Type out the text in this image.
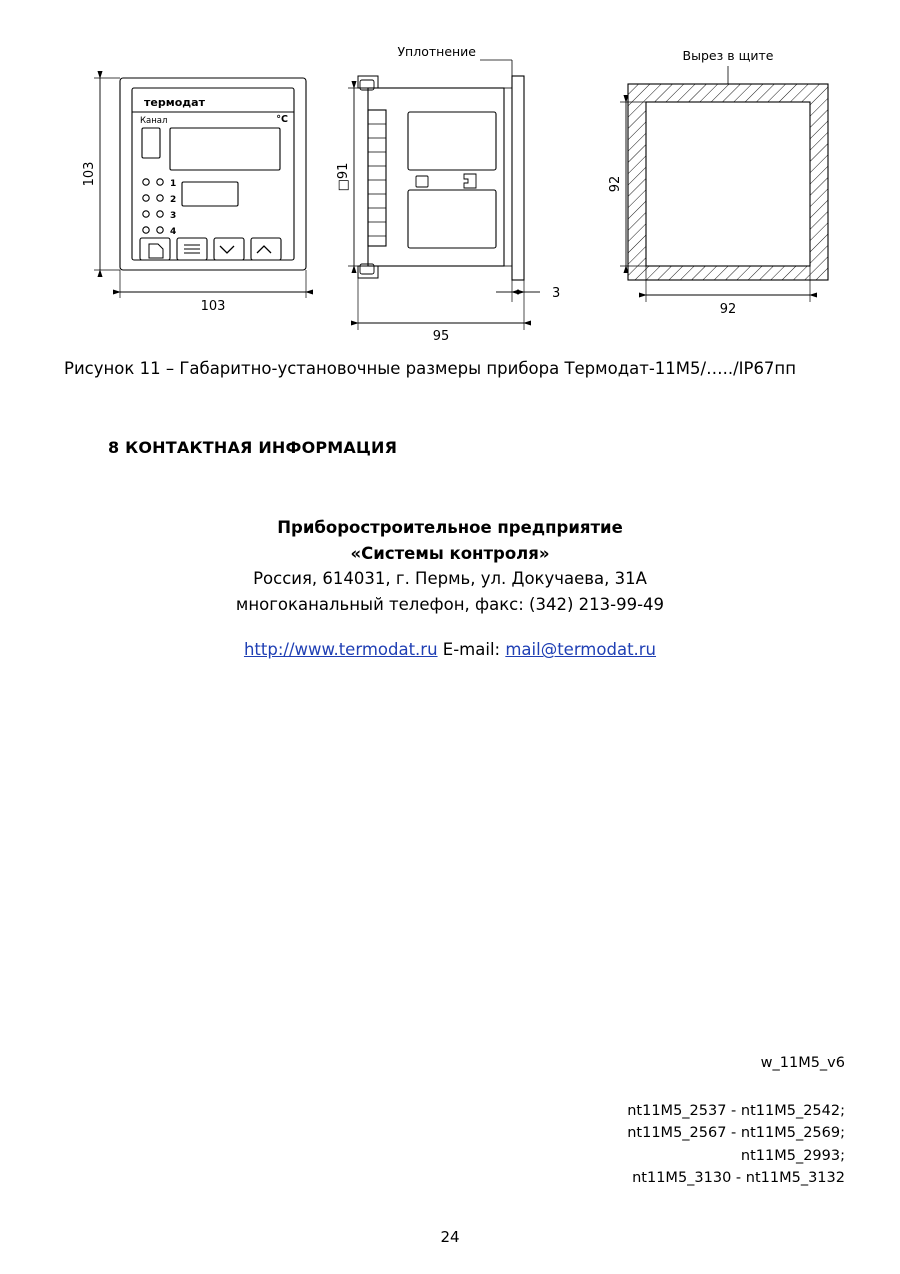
Уплотнение	Вырез в щите
термодат
Канал	°C
1
2
3
4
103
103
□91
3
95
92
92
Рисунок 11 – Габаритно-установочные размеры прибора Термодат-11М5/…../IP67пп
8 КОНТАКТНАЯ ИНФОРМАЦИЯ
Приборостроительное предприятие
«Системы контроля»
Россия, 614031, г. Пермь, ул. Докучаева, 31А
многоканальный телефон, факс: (342) 213-99-49
http://www.termodat.ru E-mail: mail@termodat.ru
w_11M5_v6
nt11M5_2537 - nt11M5_2542;
nt11M5_2567 - nt11M5_2569;
nt11M5_2993;
nt11M5_3130 - nt11M5_3132
24
